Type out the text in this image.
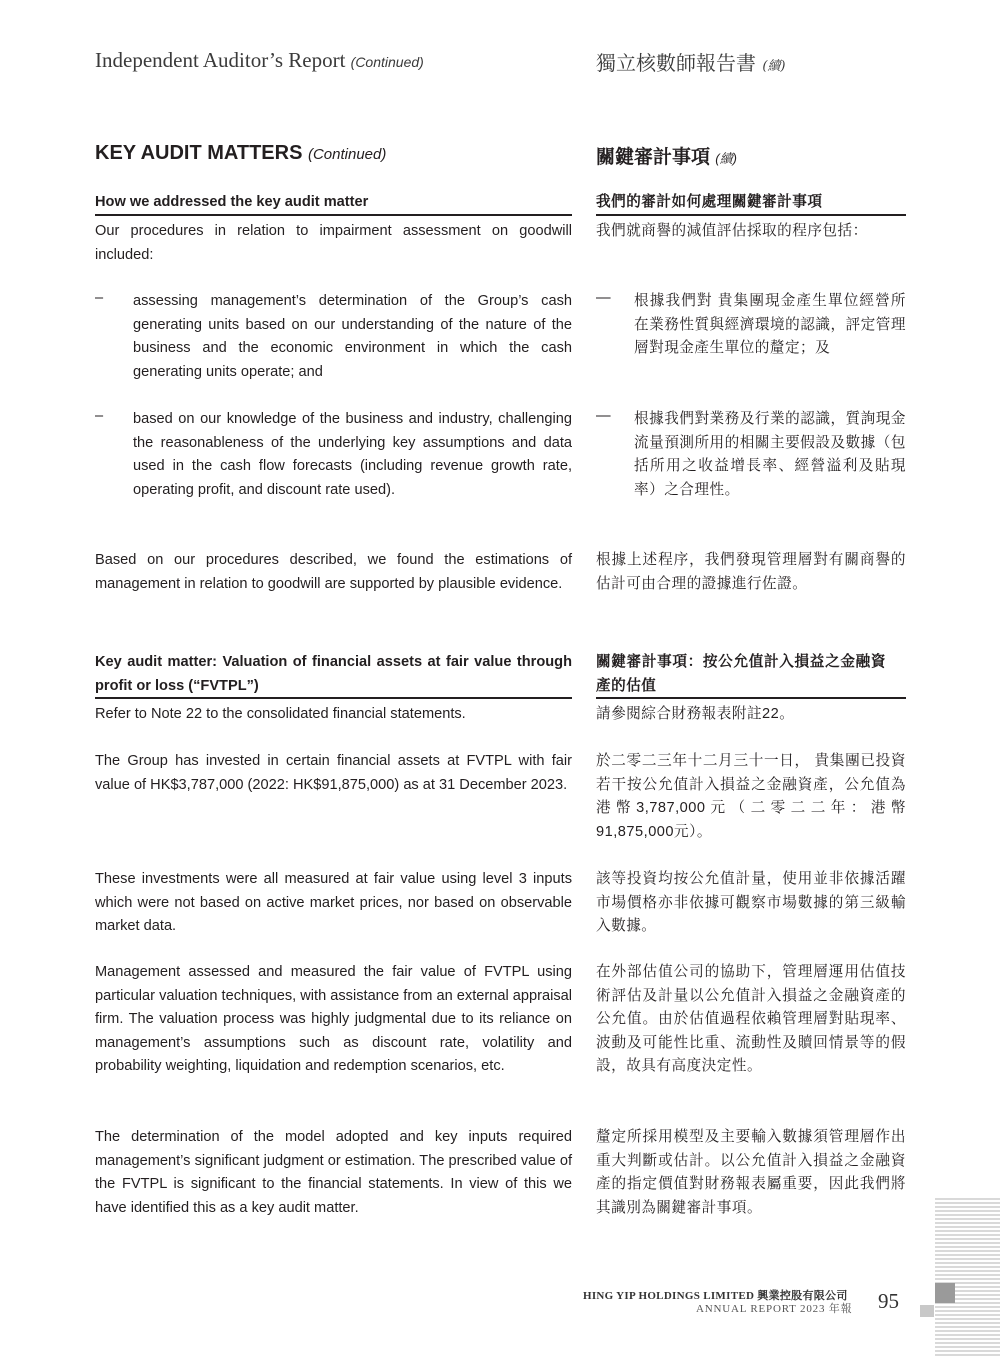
Independent Auditor’s Report (Continued)	獨立核數師報告書 (續)
KEY AUDIT MATTERS (Continued)	關鍵審計事項 (續)
How we addressed the key audit matter	我們的審計如何處理關鍵審計事項
Our procedures in relation to impairment assessment on goodwill included:
我們就商譽的減值評估採取的程序包括：
– assessing management’s determination of the Group’s cash generating units based on our understanding of the nature of the business and the economic environment in which the cash generating units operate; and
— 根據我們對 貴集團現金產生單位經營所在業務性質與經濟環境的認識，評定管理層對現金產生單位的釐定；及
– based on our knowledge of the business and industry, challenging the reasonableness of the underlying key assumptions and data used in the cash flow forecasts (including revenue growth rate, operating profit, and discount rate used).
— 根據我們對業務及行業的認識，質詢現金流量預測所用的相關主要假設及數據（包括所用之收益增長率、經營溢利及貼現率）之合理性。
Based on our procedures described, we found the estimations of management in relation to goodwill are supported by plausible evidence.
根據上述程序，我們發現管理層對有關商譽的估計可由合理的證據進行佐證。
Key audit matter: Valuation of financial assets at fair value through profit or loss (“FVTPL”)
關鍵審計事項：按公允值計入損益之金融資產的估值
Refer to Note 22 to the consolidated financial statements.	請參閱綜合財務報表附註22。
The Group has invested in certain financial assets at FVTPL with fair value of HK$3,787,000 (2022: HK$91,875,000) as at 31 December 2023.
於二零二三年十二月三十一日， 貴集團已投資若干按公允值計入損益之金融資產，公允值為港幣3,787,000元（二零二二年：港幣91,875,000元）。
These investments were all measured at fair value using level 3 inputs which were not based on active market prices, nor based on observable market data.
該等投資均按公允值計量，使用並非依據活躍市場價格亦非依據可觀察市場數據的第三級輸入數據。
Management assessed and measured the fair value of FVTPL using particular valuation techniques, with assistance from an external appraisal firm. The valuation process was highly judgmental due to its reliance on management’s assumptions such as discount rate, volatility and probability weighting, liquidation and redemption scenarios, etc.
在外部估值公司的協助下，管理層運用估值技術評估及計量以公允值計入損益之金融資產的公允值。由於估值過程依賴管理層對貼現率、波動及可能性比重、流動性及贖回情景等的假設，故具有高度決定性。
The determination of the model adopted and key inputs required management’s significant judgment or estimation. The prescribed value of the FVTPL is significant to the financial statements. In view of this we have identified this as a key audit matter.
釐定所採用模型及主要輸入數據須管理層作出重大判斷或估計。以公允值計入損益之金融資產的指定價值對財務報表屬重要，因此我們將其識別為關鍵審計事項。
HING YIP HOLDINGS LIMITED 興業控股有限公司
ANNUAL REPORT 2023 年報 95
